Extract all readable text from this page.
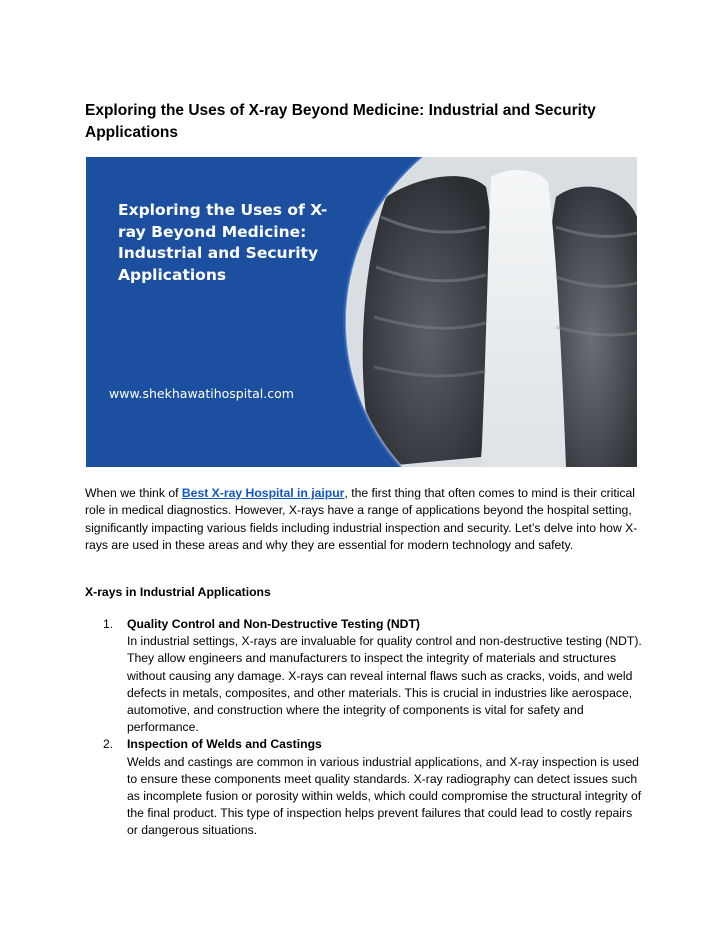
Exploring the Uses of X-ray Beyond Medicine: Industrial and Security Applications

Exploring the Uses of X-ray Beyond Medicine: Industrial and Security Applications

www.shekhawatihospital.com

When we think of Best X-ray Hospital in jaipur, the first thing that often comes to mind is their critical role in medical diagnostics. However, X-rays have a range of applications beyond the hospital setting, significantly impacting various fields including industrial inspection and security. Let’s delve into how X-rays are used in these areas and why they are essential for modern technology and safety.

X-rays in Industrial Applications
1. Quality Control and Non-Destructive Testing (NDT)
In industrial settings, X-rays are invaluable for quality control and non-destructive testing (NDT). They allow engineers and manufacturers to inspect the integrity of materials and structures without causing any damage. X-rays can reveal internal flaws such as cracks, voids, and weld defects in metals, composites, and other materials. This is crucial in industries like aerospace, automotive, and construction where the integrity of components is vital for safety and performance.
2. Inspection of Welds and Castings
Welds and castings are common in various industrial applications, and X-ray inspection is used to ensure these components meet quality standards. X-ray radiography can detect issues such as incomplete fusion or porosity within welds, which could compromise the structural integrity of the final product. This type of inspection helps prevent failures that could lead to costly repairs or dangerous situations.
